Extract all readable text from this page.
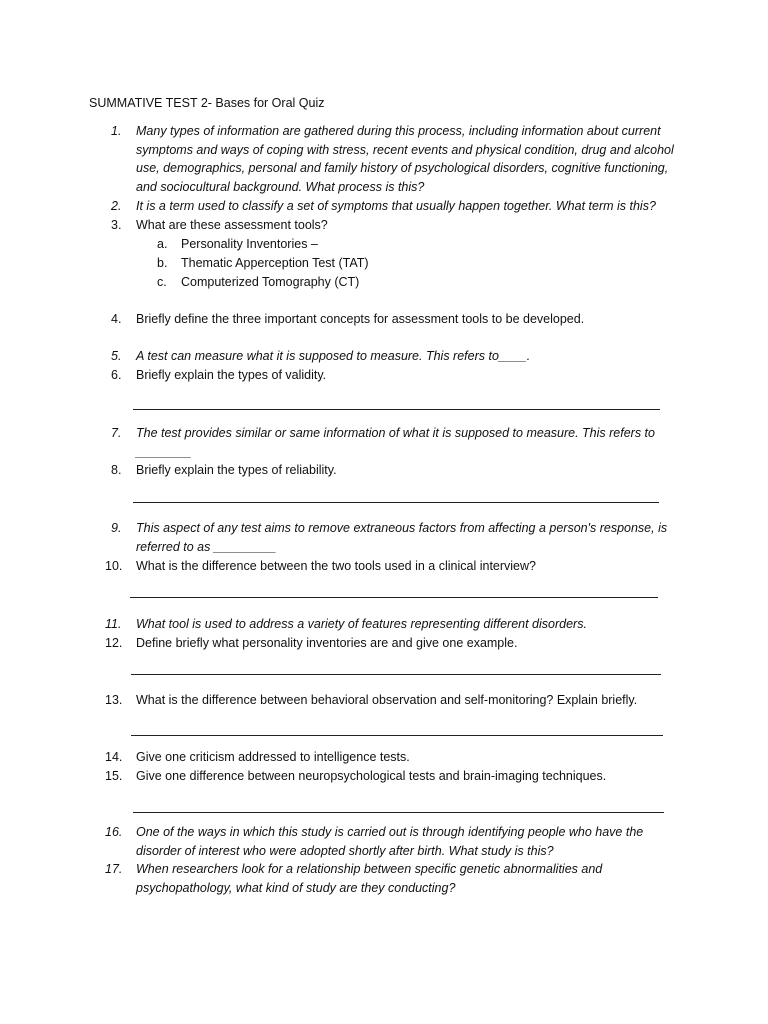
SUMMATIVE TEST 2- Bases for Oral Quiz
1.	Many types of information are gathered during this process, including information about current symptoms and ways of coping with stress, recent events and physical condition, drug and alcohol use, demographics, personal and family history of psychological disorders, cognitive functioning, and sociocultural background. What process is this?
2.	It is a term used to classify a set of symptoms that usually happen together. What term is this?
3.	What are these assessment tools?
a. Personality Inventories –
b. Thematic Apperception Test (TAT)
c. Computerized Tomography (CT)
4.	Briefly define the three important concepts for assessment tools to be developed.
5.	A test can measure what it is supposed to measure. This refers to____.
6.	Briefly explain the types of validity.
7.	The test provides similar or same information of what it is supposed to measure. This refers to ________
8.	Briefly explain the types of reliability.
9.	This aspect of any test aims to remove extraneous factors from affecting a person's response, is referred to as _________
10.	What is the difference between the two tools used in a clinical interview?
11.	What tool is used to address a variety of features representing different disorders.
12.	Define briefly what personality inventories are and give one example.
13.	What is the difference between behavioral observation and self-monitoring? Explain briefly.
14.	Give one criticism addressed to intelligence tests.
15.	Give one difference between neuropsychological tests and brain-imaging techniques.
16.	One of the ways in which this study is carried out is through identifying people who have the disorder of interest who were adopted shortly after birth. What study is this?
17.	When researchers look for a relationship between specific genetic abnormalities and psychopathology, what kind of study are they conducting?
